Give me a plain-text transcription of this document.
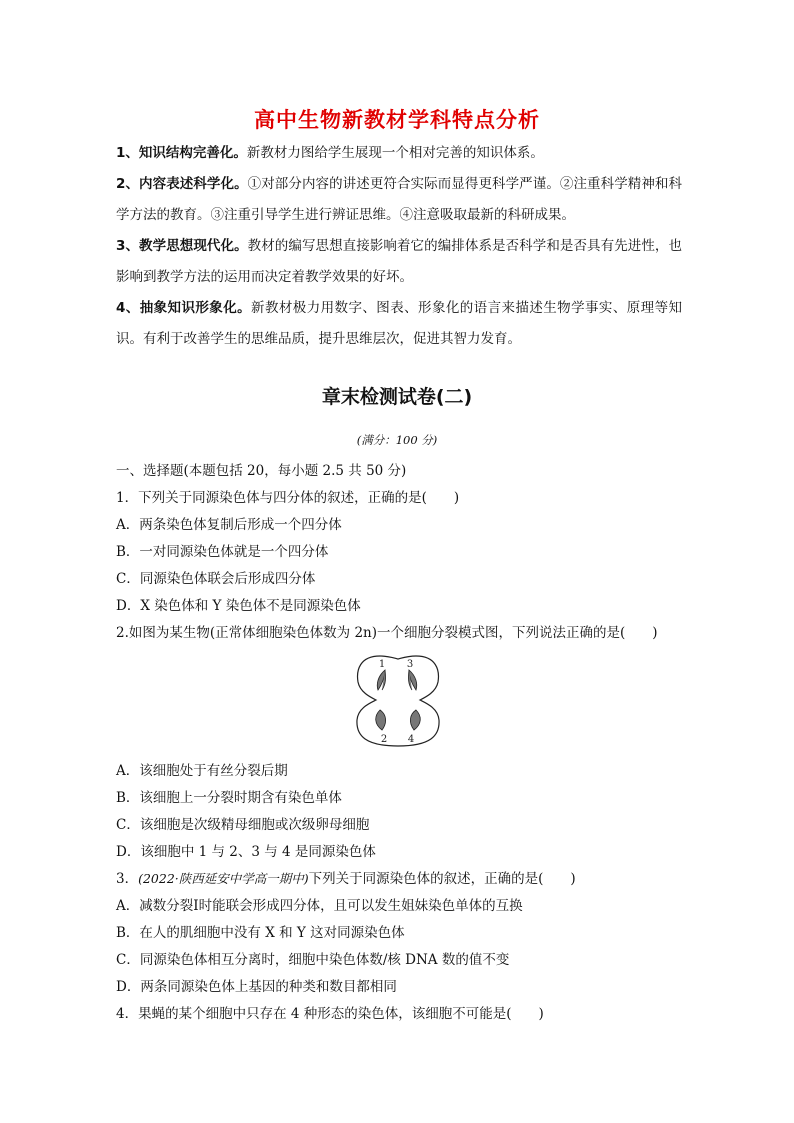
高中生物新教材学科特点分析
1、知识结构完善化。新教材力图给学生展现一个相对完善的知识体系。
2、内容表述科学化。①对部分内容的讲述更符合实际而显得更科学严谨。②注重科学精神和科学方法的教育。③注重引导学生进行辨证思维。④注意吸取最新的科研成果。
3、教学思想现代化。教材的编写思想直接影响着它的编排体系是否科学和是否具有先进性，也影响到教学方法的运用而决定着教学效果的好坏。
4、抽象知识形象化。新教材极力用数字、图表、形象化的语言来描述生物学事实、原理等知识。有利于改善学生的思维品质，提升思维层次，促进其智力发育。
章末检测试卷(二)
(满分：100 分)
一、选择题(本题包括 20，每小题 2.5 共 50 分)
1．下列关于同源染色体与四分体的叙述，正确的是(　　)
A．两条染色体复制后形成一个四分体
B．一对同源染色体就是一个四分体
C．同源染色体联会后形成四分体
D．X 染色体和 Y 染色体不是同源染色体
2.如图为某生物(正常体细胞染色体数为 2n)一个细胞分裂模式图，下列说法正确的是(　　)
1 3
2 4
A．该细胞处于有丝分裂后期
B．该细胞上一分裂时期含有染色单体
C．该细胞是次级精母细胞或次级卵母细胞
D．该细胞中 1 与 2、3 与 4 是同源染色体
3．(2022·陕西延安中学高一期中)下列关于同源染色体的叙述，正确的是(　　)
A．减数分裂Ⅰ时能联会形成四分体，且可以发生姐妹染色单体的互换
B．在人的肌细胞中没有 X 和 Y 这对同源染色体
C．同源染色体相互分离时，细胞中染色体数/核 DNA 数的值不变
D．两条同源染色体上基因的种类和数目都相同
4．果蝇的某个细胞中只存在 4 种形态的染色体，该细胞不可能是(　　)
